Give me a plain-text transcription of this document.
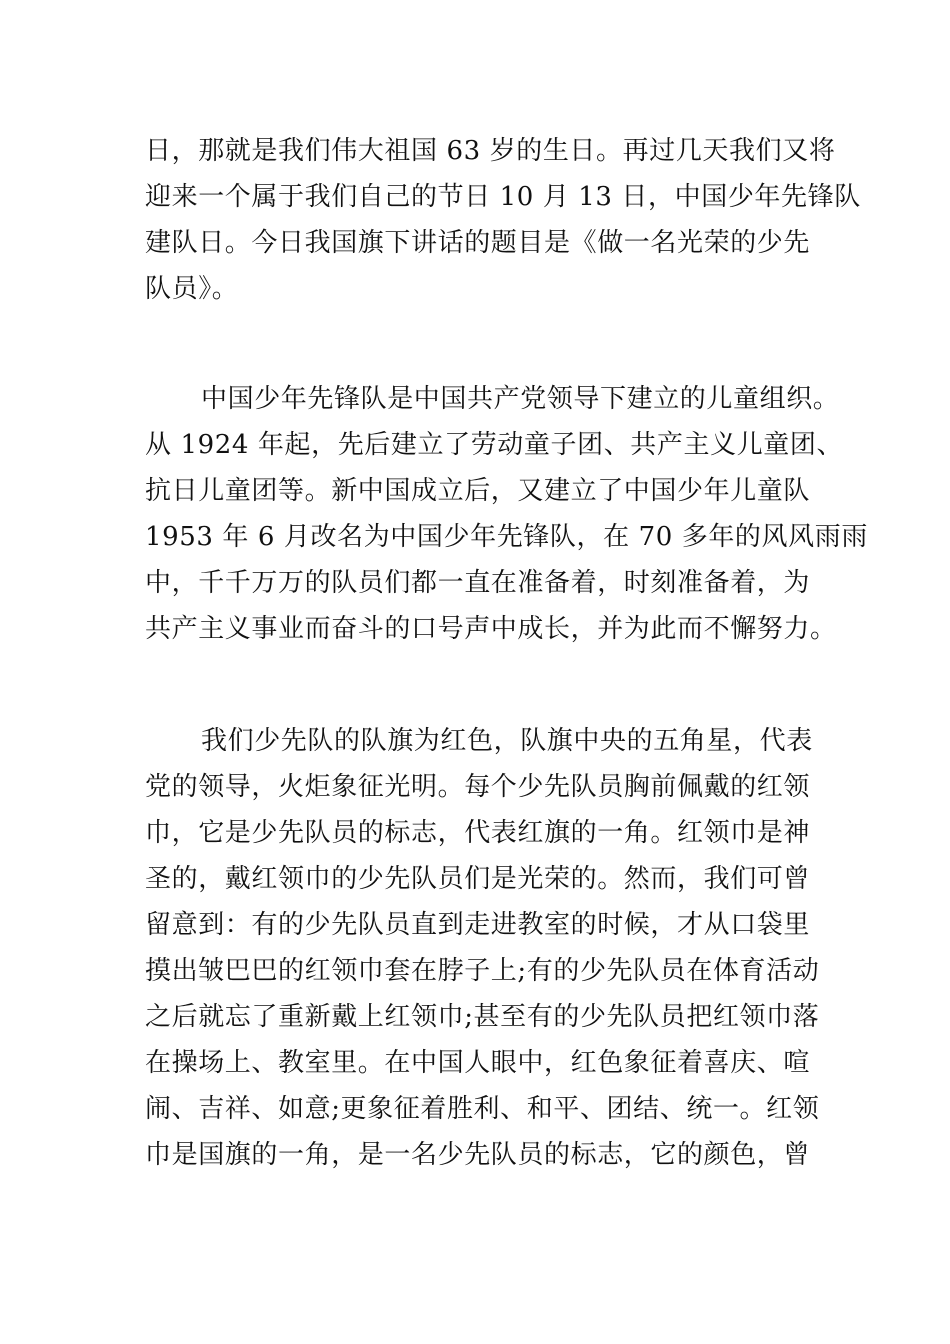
日，那就是我们伟大祖国 63 岁的生日。再过几天我们又将
迎来一个属于我们自己的节日 10 月 13 日，中国少年先锋队
建队日。今日我国旗下讲话的题目是《做一名光荣的少先
队员》。
中国少年先锋队是中国共产党领导下建立的儿童组织。
从 1924 年起，先后建立了劳动童子团、共产主义儿童团、
抗日儿童团等。新中国成立后，又建立了中国少年儿童队
1953 年 6 月改名为中国少年先锋队，在 70 多年的风风雨雨
中，千千万万的队员们都一直在准备着，时刻准备着，为
共产主义事业而奋斗的口号声中成长，并为此而不懈努力。
我们少先队的队旗为红色，队旗中央的五角星，代表
党的领导，火炬象征光明。每个少先队员胸前佩戴的红领
巾，它是少先队员的标志，代表红旗的一角。红领巾是神
圣的，戴红领巾的少先队员们是光荣的。然而，我们可曾
留意到：有的少先队员直到走进教室的时候，才从口袋里
摸出皱巴巴的红领巾套在脖子上;有的少先队员在体育活动
之后就忘了重新戴上红领巾;甚至有的少先队员把红领巾落
在操场上、教室里。在中国人眼中，红色象征着喜庆、喧
闹、吉祥、如意;更象征着胜利、和平、团结、统一。红领
巾是国旗的一角，是一名少先队员的标志，它的颜色，曾
